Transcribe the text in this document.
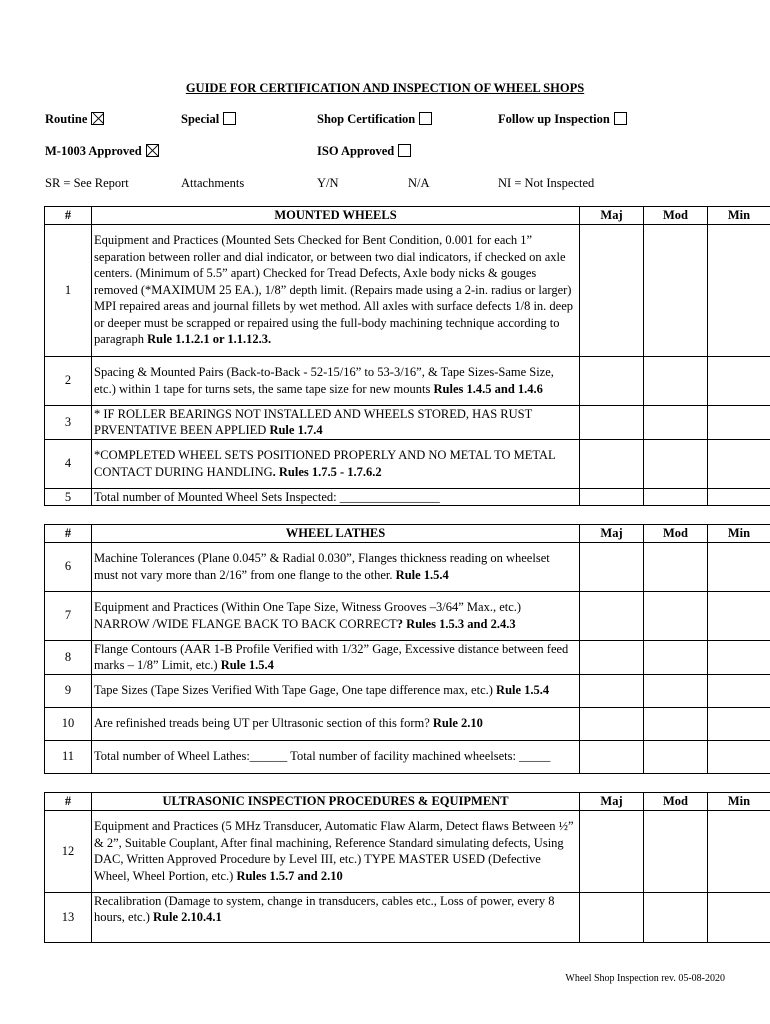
GUIDE FOR CERTIFICATION AND INSPECTION OF WHEEL SHOPS
Routine	Special	Shop Certification	Follow up Inspection
M-1003 Approved	ISO Approved
SR = See Report	Attachments	Y/N	N/A	NI = Not Inspected
#	MOUNTED WHEELS	Maj	Mod	Min
1	Equipment and Practices (Mounted Sets Checked for Bent Condition, 0.001 for each 1” separation between roller and dial indicator, or between two dial indicators, if checked on axle centers. (Minimum of 5.5” apart) Checked for Tread Defects, Axle body nicks & gouges removed (*MAXIMUM 25 EA.), 1/8” depth limit. (Repairs made using a 2-in. radius or larger) MPI repaired areas and journal fillets by wet method. All axles with surface defects 1/8 in. deep or deeper must be scrapped or repaired using the full-body machining technique according to paragraph Rule 1.1.2.1 or 1.1.12.3.			
2	Spacing & Mounted Pairs (Back-to-Back - 52-15/16” to 53-3/16”, & Tape Sizes-Same Size, etc.) within 1 tape for turns sets, the same tape size for new mounts Rules 1.4.5 and 1.4.6			
3	* IF ROLLER BEARINGS NOT INSTALLED AND WHEELS STORED, HAS RUST PRVENTATIVE BEEN APPLIED Rule 1.7.4			
4	*COMPLETED WHEEL SETS POSITIONED PROPERLY AND NO METAL TO METAL CONTACT DURING HANDLING. Rules 1.7.5 - 1.7.6.2			
5	Total number of Mounted Wheel Sets Inspected: ________________			
#	WHEEL LATHES	Maj	Mod	Min
6	Machine Tolerances (Plane 0.045” & Radial 0.030”, Flanges thickness reading on wheelset must not vary more than 2/16” from one flange to the other. Rule 1.5.4			
7	Equipment and Practices (Within One Tape Size, Witness Grooves –3/64” Max., etc.) NARROW /WIDE FLANGE BACK TO BACK CORRECT? Rules 1.5.3 and 2.4.3			
8	Flange Contours (AAR 1-B Profile Verified with 1/32” Gage, Excessive distance between feed marks – 1/8” Limit, etc.) Rule 1.5.4			
9	Tape Sizes (Tape Sizes Verified With Tape Gage, One tape difference max, etc.) Rule 1.5.4			
10	Are refinished treads being UT per Ultrasonic section of this form? Rule 2.10			
11	Total number of Wheel Lathes:______ Total number of facility machined wheelsets: _____			
#	ULTRASONIC INSPECTION PROCEDURES & EQUIPMENT	Maj	Mod	Min
12	Equipment and Practices (5 MHz Transducer, Automatic Flaw Alarm, Detect flaws Between ½” & 2”, Suitable Couplant, After final machining, Reference Standard simulating defects, Using DAC, Written Approved Procedure by Level III, etc.) TYPE MASTER USED (Defective Wheel, Wheel Portion, etc.) Rules 1.5.7 and 2.10			
13	Recalibration (Damage to system, change in transducers, cables etc., Loss of power, every 8 hours, etc.) Rule 2.10.4.1			
Wheel Shop Inspection rev. 05-08-2020
